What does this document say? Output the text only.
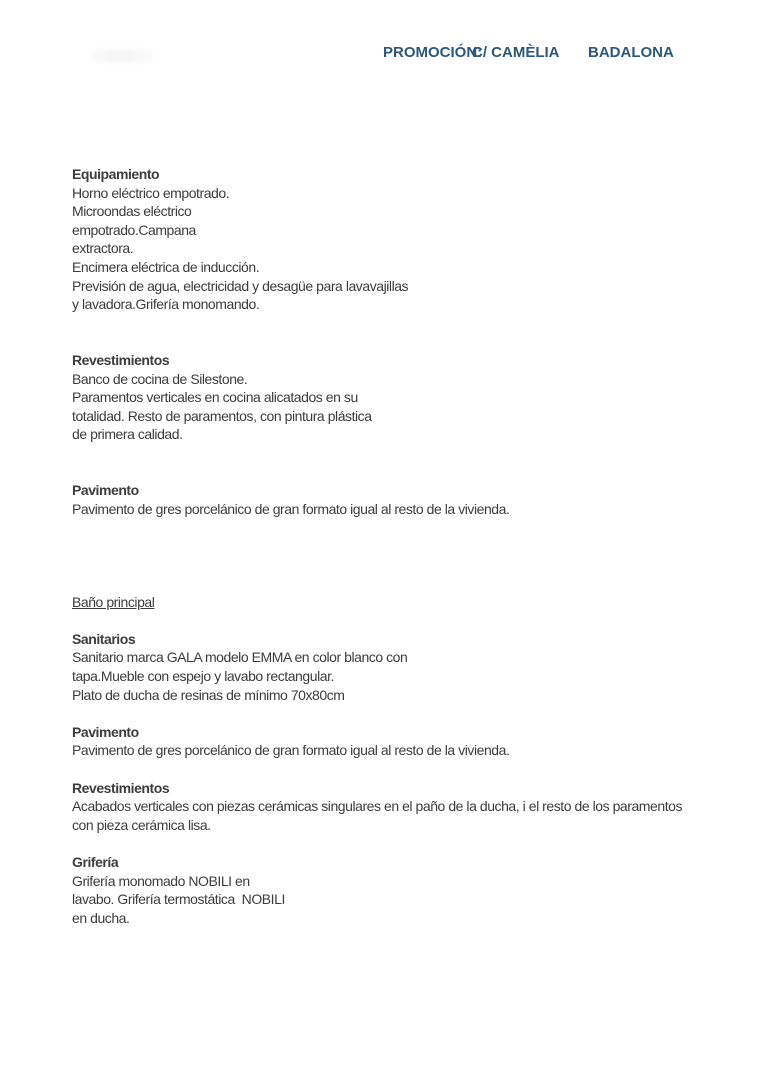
PROMOCIÓN:
C/ CAMÈLIA BADALONA
Equipamiento
Horno eléctrico empotrado.
Microondas eléctrico
empotrado.Campana
extractora.
Encimera eléctrica de inducción.
Previsión de agua, electricidad y desagüe para lavavajillas
y lavadora.Grifería monomando.
Revestimientos
Banco de cocina de Silestone.
Paramentos verticales en cocina alicatados en su
totalidad. Resto de paramentos, con pintura plástica
de primera calidad.
Pavimento
Pavimento de gres porcelánico de gran formato igual al resto de la vivienda.
Baño principal
Sanitarios
Sanitario marca GALA modelo EMMA en color blanco con
tapa.Mueble con espejo y lavabo rectangular.
Plato de ducha de resinas de mínimo 70x80cm
Pavimento
Pavimento de gres porcelánico de gran formato igual al resto de la vivienda.
Revestimientos
Acabados verticales con piezas cerámicas singulares en el paño de la ducha, i el resto de los paramentos
con pieza cerámica lisa.
Grifería
Grifería monomado NOBILI en
lavabo. Grifería termostática  NOBILI
en ducha.
